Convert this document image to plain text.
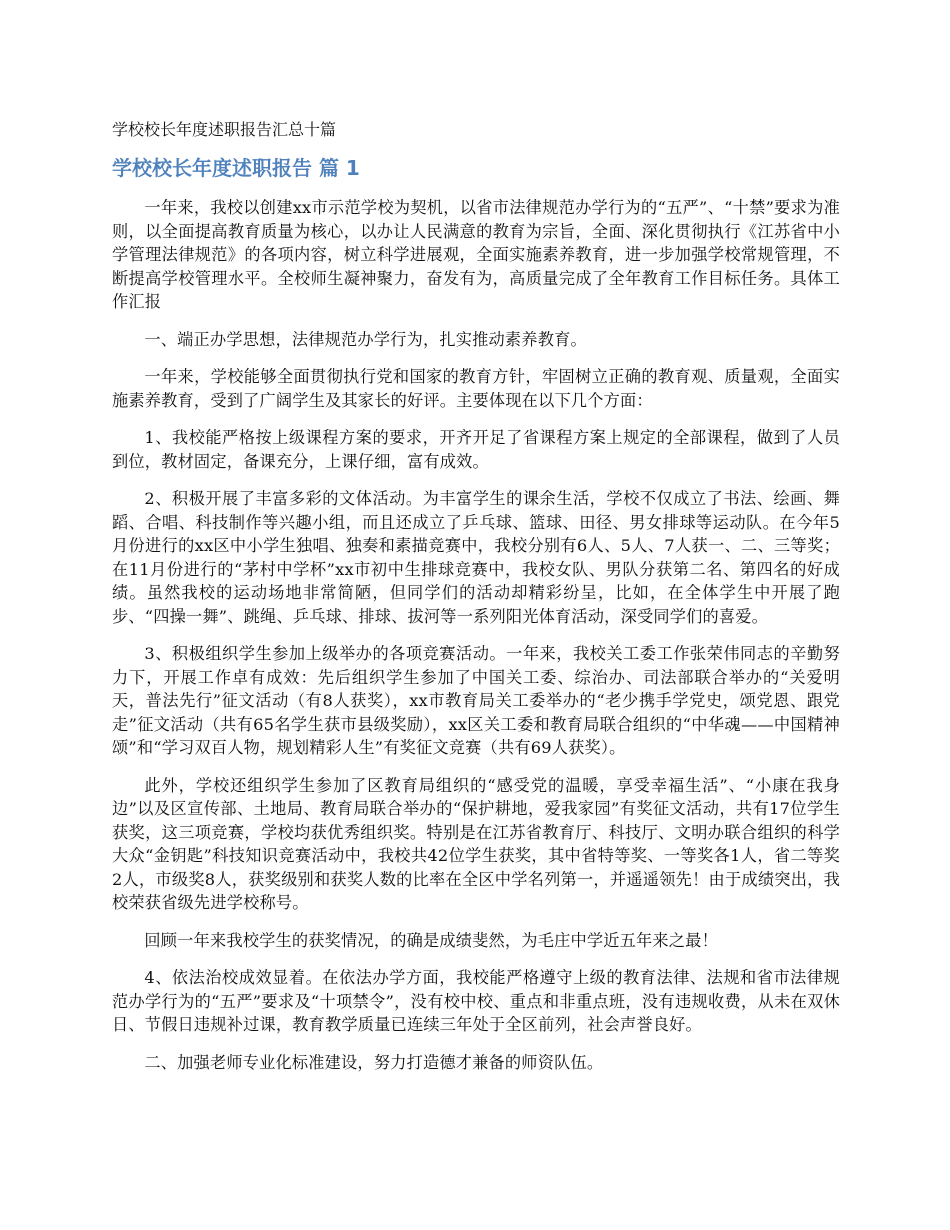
学校校长年度述职报告汇总十篇
学校校长年度述职报告 篇 1

一年来，我校以创建xx市示范学校为契机，以省市法律规范办学行为的“五严”、“十禁”要求为准则，以全面提高教育质量为核心，以办让人民满意的教育为宗旨，全面、深化贯彻执行《江苏省中小学管理法律规范》的各项内容，树立科学进展观，全面实施素养教育，进一步加强学校常规管理，不断提高学校管理水平。全校师生凝神聚力，奋发有为，高质量完成了全年教育工作目标任务。具体工作汇报

一、端正办学思想，法律规范办学行为，扎实推动素养教育。

一年来，学校能够全面贯彻执行党和国家的教育方针，牢固树立正确的教育观、质量观，全面实施素养教育，受到了广阔学生及其家长的好评。主要体现在以下几个方面：

1、我校能严格按上级课程方案的要求，开齐开足了省课程方案上规定的全部课程，做到了人员到位，教材固定，备课充分，上课仔细，富有成效。

2、积极开展了丰富多彩的文体活动。为丰富学生的课余生活，学校不仅成立了书法、绘画、舞蹈、合唱、科技制作等兴趣小组，而且还成立了乒乓球、篮球、田径、男女排球等运动队。在今年5月份进行的xx区中小学生独唱、独奏和素描竞赛中，我校分别有6人、5人、7人获一、二、三等奖；在11月份进行的“茅村中学杯”xx市初中生排球竞赛中，我校女队、男队分获第二名、第四名的好成绩。虽然我校的运动场地非常简陋，但同学们的活动却精彩纷呈，比如，在全体学生中开展了跑步、“四操一舞”、跳绳、乒乓球、排球、拔河等一系列阳光体育活动，深受同学们的喜爱。

3、积极组织学生参加上级举办的各项竞赛活动。一年来，我校关工委工作张荣伟同志的辛勤努力下，开展工作卓有成效：先后组织学生参加了中国关工委、综治办、司法部联合举办的“关爱明天，普法先行”征文活动（有8人获奖），xx市教育局关工委举办的“老少携手学党史，颂党恩、跟党走”征文活动（共有65名学生获市县级奖励），xx区关工委和教育局联合组织的“中华魂——中国精神颂”和“学习双百人物，规划精彩人生”有奖征文竞赛（共有69人获奖）。

此外，学校还组织学生参加了区教育局组织的“感受党的温暖，享受幸福生活”、“小康在我身边”以及区宣传部、土地局、教育局联合举办的“保护耕地，爱我家园”有奖征文活动，共有17位学生获奖，这三项竞赛，学校均获优秀组织奖。特别是在江苏省教育厅、科技厅、文明办联合组织的科学大众“金钥匙”科技知识竞赛活动中，我校共42位学生获奖，其中省特等奖、一等奖各1人，省二等奖2人，市级奖8人，获奖级别和获奖人数的比率在全区中学名列第一，并遥遥领先！由于成绩突出，我校荣获省级先进学校称号。

回顾一年来我校学生的获奖情况，的确是成绩斐然，为毛庄中学近五年来之最！

4、依法治校成效显着。在依法办学方面，我校能严格遵守上级的教育法律、法规和省市法律规范办学行为的“五严”要求及“十项禁令”，没有校中校、重点和非重点班，没有违规收费，从未在双休日、节假日违规补过课，教育教学质量已连续三年处于全区前列，社会声誉良好。

二、加强老师专业化标准建设，努力打造德才兼备的师资队伍。
